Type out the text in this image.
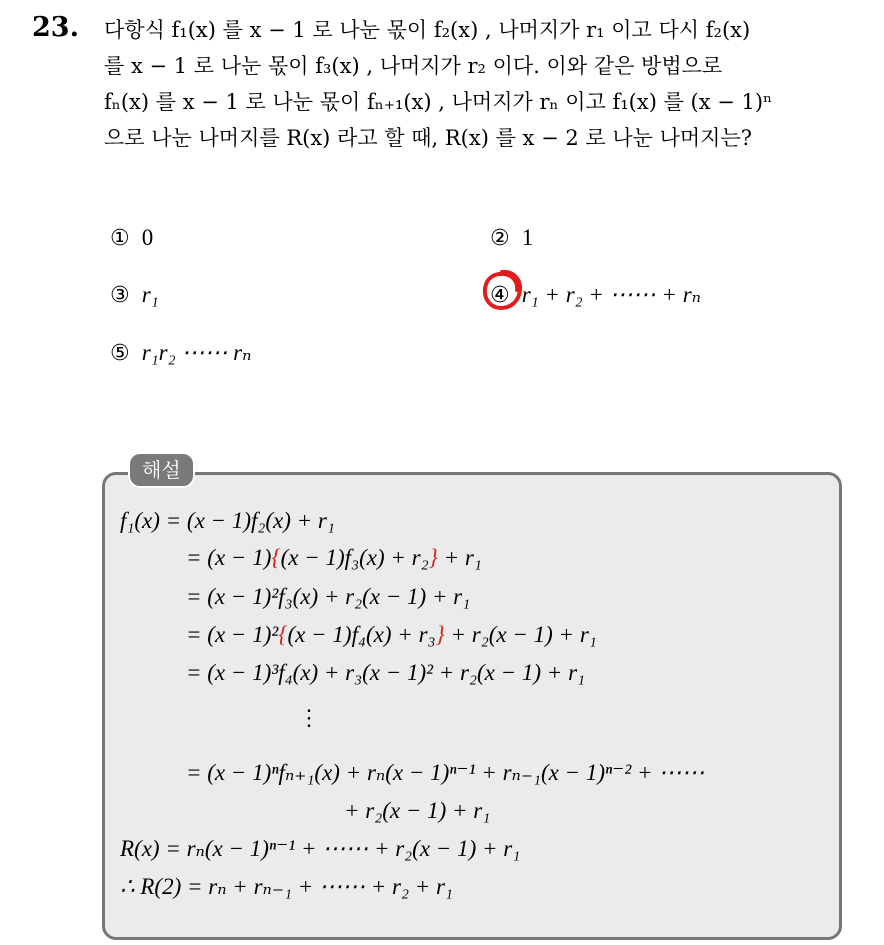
23. 다항식 f₁(x) 를 x − 1 로 나눈 몫이 f₂(x) , 나머지가 r₁ 이고 다시 f₂(x)
를 x − 1 로 나눈 몫이 f₃(x) , 나머지가 r₂ 이다. 이와 같은 방법으로
fₙ(x) 를 x − 1 로 나눈 몫이 fₙ₊₁(x) , 나머지가 rₙ 이고 f₁(x) 를 (x − 1)ⁿ
으로 나눈 나머지를 R(x) 라고 할 때, R(x) 를 x − 2 로 나눈 나머지는?
① 0	② 1
③ r₁	④ r₁ + r₂ + ⋯⋯ + rₙ
⑤ r₁r₂ ⋯⋯ rₙ
해설
f₁(x) = (x − 1)f₂(x) + r₁
= (x − 1){(x − 1)f₃(x) + r₂} + r₁
= (x − 1)²f₃(x) + r₂(x − 1) + r₁
= (x − 1)²{(x − 1)f₄(x) + r₃} + r₂(x − 1) + r₁
= (x − 1)³f₄(x) + r₃(x − 1)² + r₂(x − 1) + r₁
⋮
= (x − 1)ⁿfₙ₊₁(x) + rₙ(x − 1)ⁿ⁻¹ + rₙ₋₁(x − 1)ⁿ⁻² + ⋯⋯
+ r₂(x − 1) + r₁
R(x) = rₙ(x − 1)ⁿ⁻¹ + ⋯⋯ + r₂(x − 1) + r₁
∴ R(2) = rₙ + rₙ₋₁ + ⋯⋯ + r₂ + r₁
